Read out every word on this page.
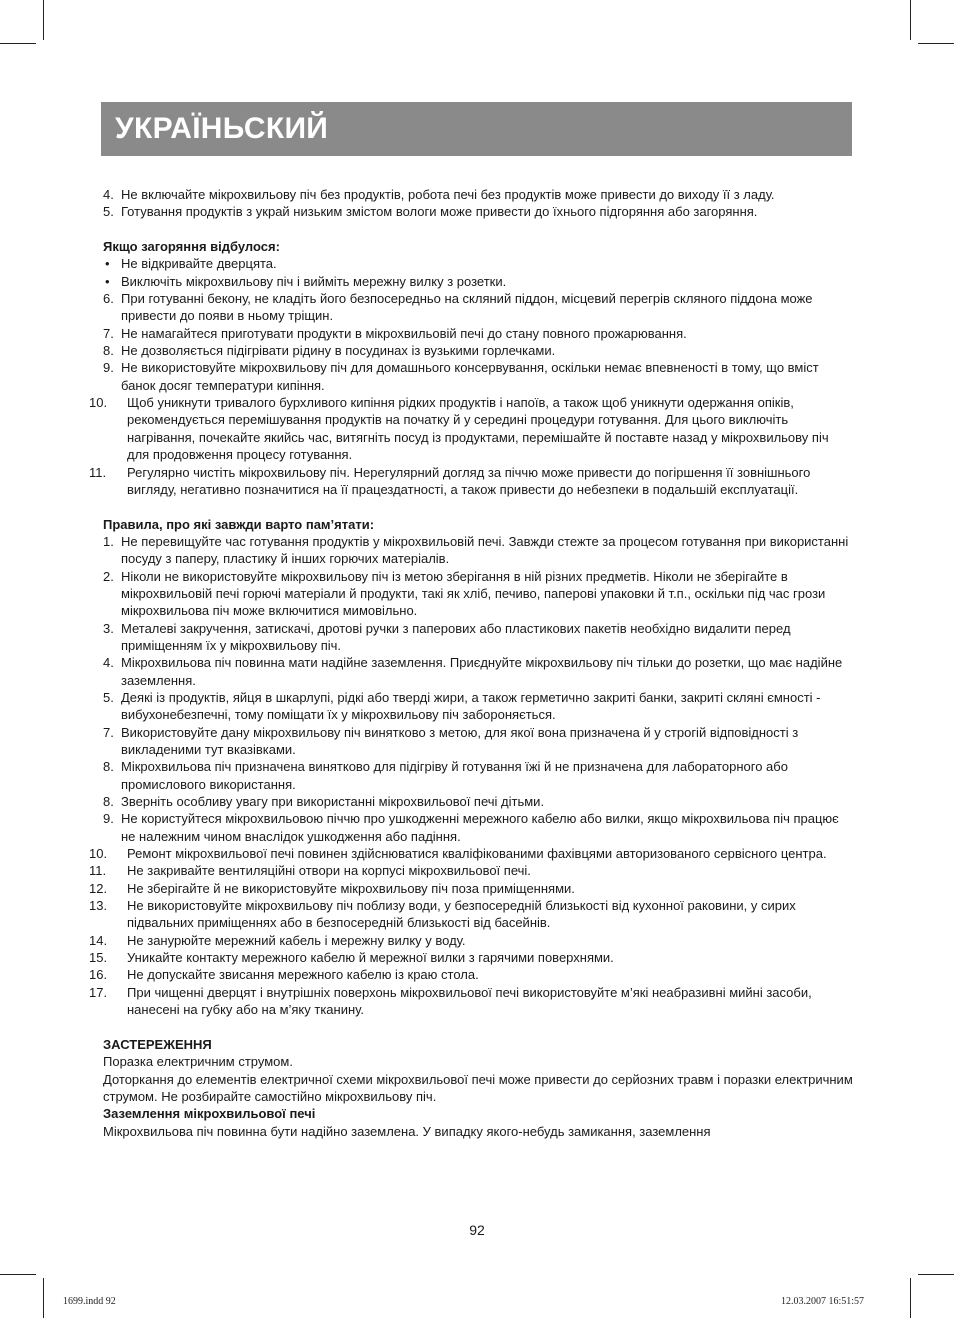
УКРАЇНЬСКИЙ
4. Не включайте мікрохвильову піч без продуктів, робота печі без продуктів може привести до виходу її з ладу.
5. Готування продуктів з украй низьким змістом вологи може привести до їхнього підгоряння або загоряння.
Якщо загоряння відбулося:
• Не відкривайте дверцята.
• Виключіть мікрохвильову піч і вийміть мережну вилку з розетки.
6. При готуванні бекону, не кладіть його безпосередньо на скляний піддон, місцевий перегрів скляного піддона може привести до появи в ньому тріщин.
7. Не намагайтеся приготувати продукти в мікрохвильовій печі до стану повного прожарювання.
8. Не дозволяється підігрівати рідину в посудинах із вузькими горлечками.
9. Не використовуйте мікрохвильову піч для домашнього консервування, оскільки немає впевненості в тому, що вміст банок досяг температури кипіння.
10. Щоб уникнути тривалого бурхливого кипіння рідких продуктів і напоїв, а також щоб уникнути одержання опіків, рекомендується перемішування продуктів на початку й у середині процедури готування. Для цього виключіть нагрівання, почекайте якийсь час, витягніть посуд із продуктами, перемішайте й поставте назад у мікрохвильову піч для продовження процесу готування.
11. Регулярно чистіть мікрохвильову піч. Нерегулярний догляд за піччю може привести до погіршення її зовнішнього вигляду, негативно позначитися на її працездатності, а також привести до небезпеки в подальшій експлуатації.
Правила, про які завжди варто пам’ятати:
1. Не перевищуйте час готування продуктів у мікрохвильовій печі. Завжди стежте за процесом готування при використанні посуду з паперу, пластику й інших горючих матеріалів.
2. Ніколи не використовуйте мікрохвильову піч із метою зберігання в ній різних предметів. Ніколи не зберігайте в мікрохвильовій печі горючі матеріали й продукти, такі як хліб, печиво, паперові упаковки й т.п., оскільки під час грози мікрохвильова піч може включитися мимовільно.
3. Металеві закручення, затискачі, дротові ручки з паперових або пластикових пакетів необхідно видалити перед приміщенням їх у мікрохвильову піч.
4. Мікрохвильова піч повинна мати надійне заземлення. Приєднуйте мікрохвильову піч тільки до розетки, що має надійне заземлення.
5. Деякі із продуктів, яйця в шкарлупі, рідкі або тверді жири, а також герметично закриті банки, закриті скляні ємності - вибухонебезпечні, тому поміщати їх у мікрохвильову піч забороняється.
7. Використовуйте дану мікрохвильову піч винятково з метою, для якої вона призначена й у строгій відповідності з викладеними тут вказівками.
8. Мікрохвильова піч призначена винятково для підігріву й готування їжі й не призначена для лабораторного або промислового використання.
8. Зверніть особливу увагу при використанні мікрохвильової печі дітьми.
9. Не користуйтеся мікрохвильовою піччю про ушкодженні мережного кабелю або вилки, якщо мікрохвильова піч працює не належним чином внаслідок ушкодження або падіння.
10. Ремонт мікрохвильової печі повинен здійснюватися кваліфікованими фахівцями авторизованого сервісного центра.
11. Не закривайте вентиляційні отвори на корпусі мікрохвильової печі.
12. Не зберігайте й не використовуйте мікрохвильову піч поза приміщеннями.
13. Не використовуйте мікрохвильову піч поблизу води, у безпосередній близькості від кухонної раковини, у сирих підвальних приміщеннях або в безпосередній близькості від басейнів.
14. Не занурюйте мережний кабель і мережну вилку у воду.
15. Уникайте контакту мережного кабелю й мережної вилки з гарячими поверхнями.
16. Не допускайте звисання мережного кабелю із краю стола.
17. При чищенні дверцят і внутрішніх поверхонь мікрохвильової печі використовуйте м’які неабразивні мийні засоби, нанесені на губку або на м’яку тканину.
ЗАСТЕРЕЖЕННЯ
Поразка електричним струмом.
Доторкання до елементів електричної схеми мікрохвильової печі може привести до серйозних травм і поразки електричним струмом. Не розбирайте самостійно мікрохвильову піч.
Заземлення мікрохвильової печі
Мікрохвильова піч повинна бути надійно заземлена. У випадку якого-небудь замикання, заземлення
92
1699.indd 92	12.03.2007 16:51:57
